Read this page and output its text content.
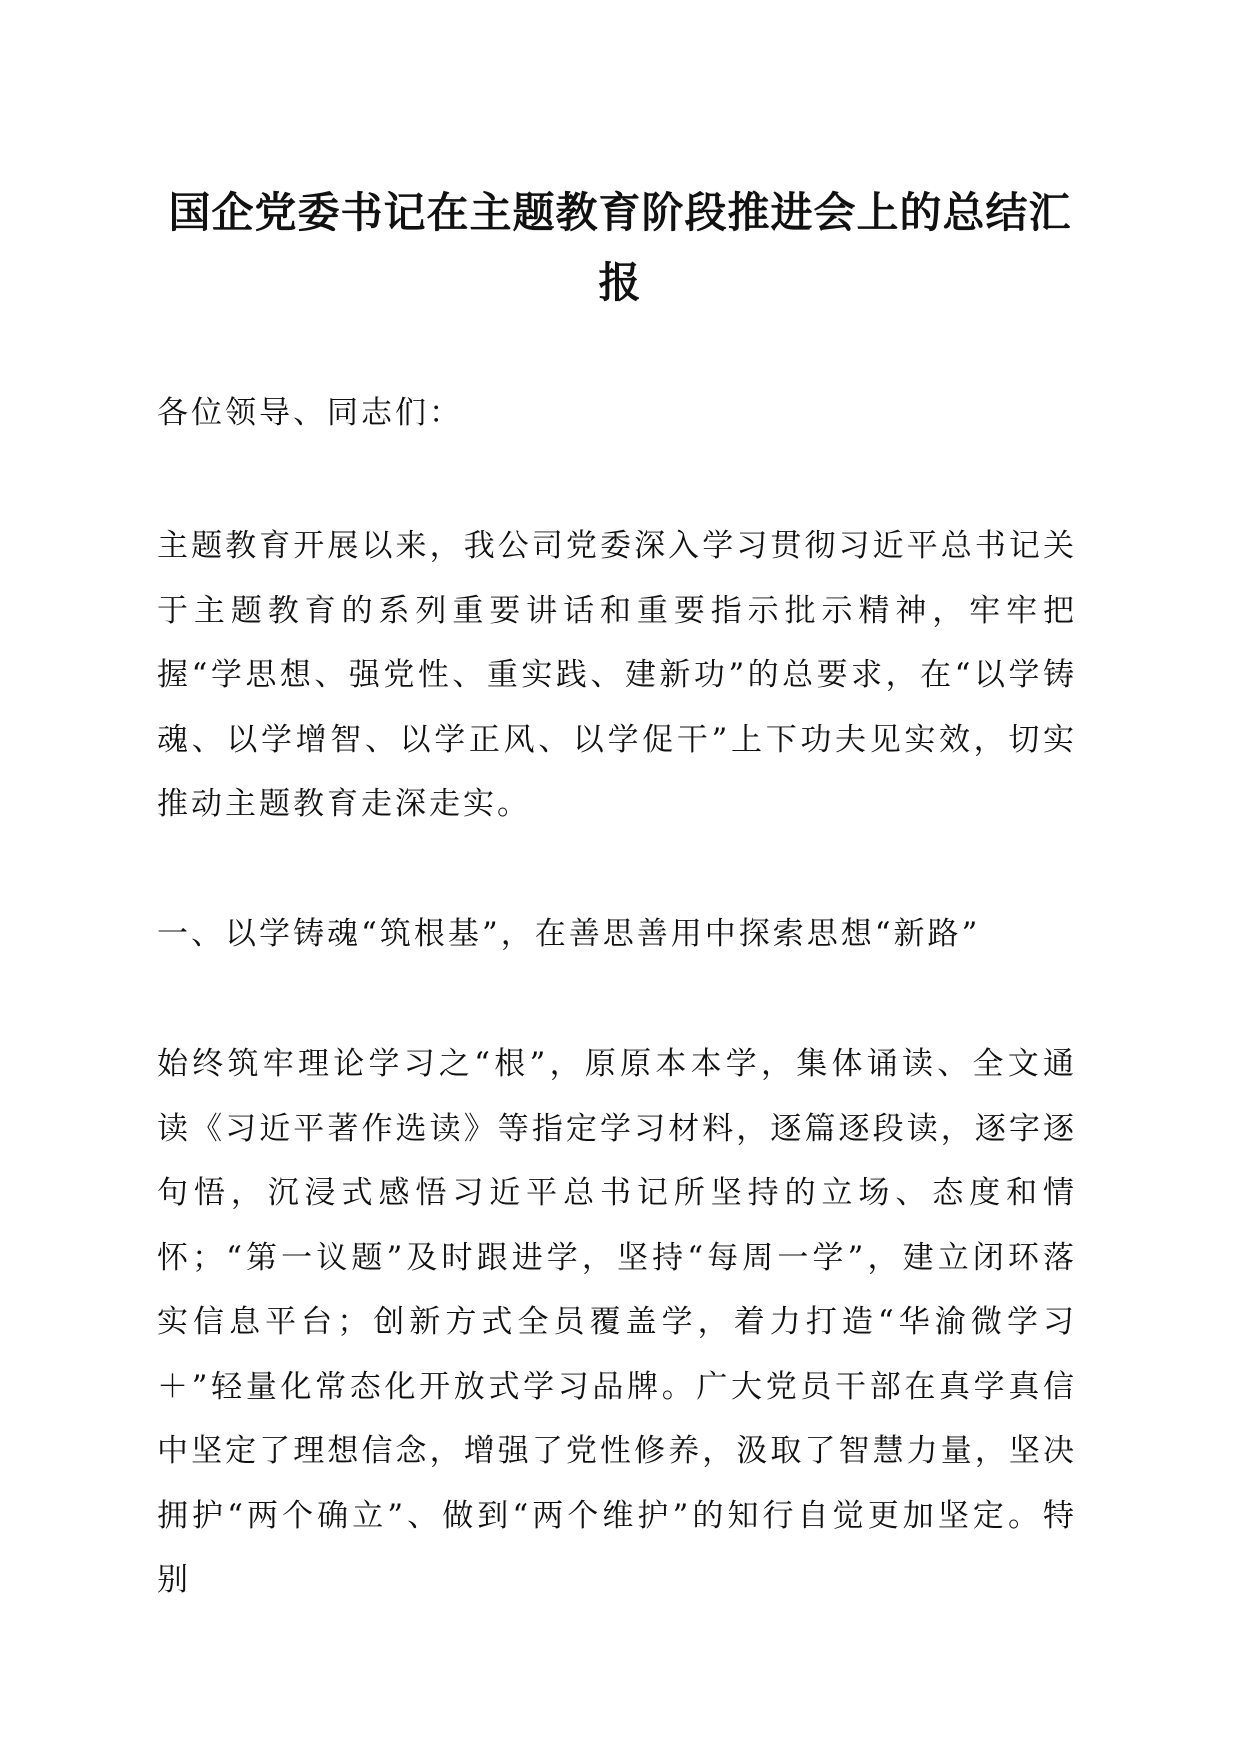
国企党委书记在主题教育阶段推进会上的总结汇报

各位领导、同志们：

主题教育开展以来，我公司党委深入学习贯彻习近平总书记关于主题教育的系列重要讲话和重要指示批示精神，牢牢把握“学思想、强党性、重实践、建新功”的总要求，在“以学铸魂、以学增智、以学正风、以学促干”上下功夫见实效，切实推动主题教育走深走实。

一、以学铸魂“筑根基”，在善思善用中探索思想“新路”

始终筑牢理论学习之“根”，原原本本学，集体诵读、全文通读《习近平著作选读》等指定学习材料，逐篇逐段读，逐字逐句悟，沉浸式感悟习近平总书记所坚持的立场、态度和情怀；“第一议题”及时跟进学，坚持“每周一学”，建立闭环落实信息平台；创新方式全员覆盖学，着力打造“华渝微学习＋”轻量化常态化开放式学习品牌。广大党员干部在真学真信中坚定了理想信念，增强了党性修养，汲取了智慧力量，坚决拥护“两个确立”、做到“两个维护”的知行自觉更加坚定。特别
